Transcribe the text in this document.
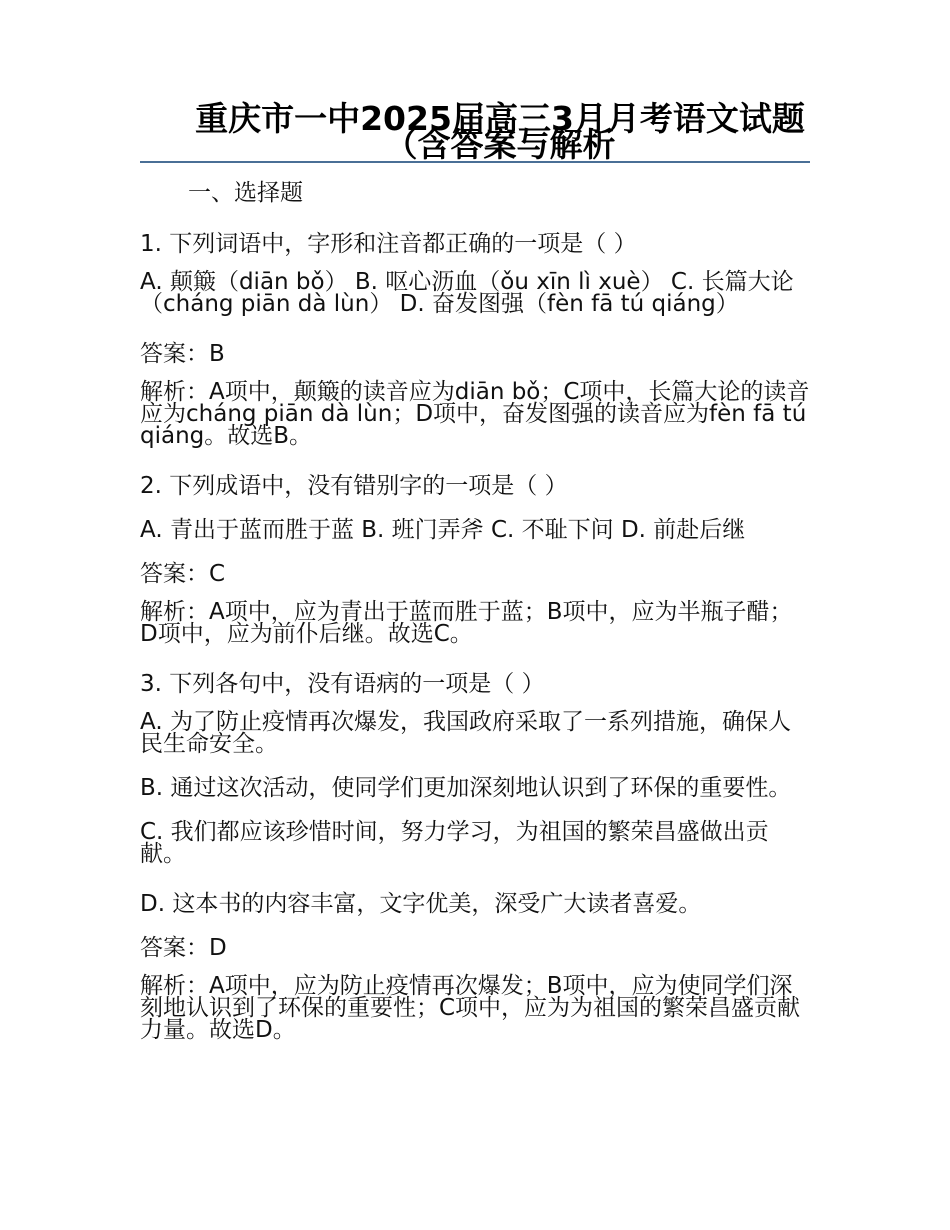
重庆市一中2025届高三3月月考语文试题（含答案与解析
一、选择题
1. 下列词语中，字形和注音都正确的一项是（ ）
A. 颠簸（diān bǒ） B. 呕心沥血（ǒu xīn lì xuè） C. 长篇大论（cháng piān dà lùn） D. 奋发图强（fèn fā tú qiáng）
答案：B
解析：A项中，颠簸的读音应为diān bǒ；C项中，长篇大论的读音应为cháng piān dà lùn；D项中，奋发图强的读音应为fèn fā tú qiáng。故选B。
2. 下列成语中，没有错别字的一项是（ ）
A. 青出于蓝而胜于蓝 B. 班门弄斧 C. 不耻下问 D. 前赴后继
答案：C
解析：A项中，应为青出于蓝而胜于蓝；B项中，应为半瓶子醋；D项中，应为前仆后继。故选C。
3. 下列各句中，没有语病的一项是（ ）
A. 为了防止疫情再次爆发，我国政府采取了一系列措施，确保人民生命安全。
B. 通过这次活动，使同学们更加深刻地认识到了环保的重要性。
C. 我们都应该珍惜时间，努力学习，为祖国的繁荣昌盛做出贡献。
D. 这本书的内容丰富，文字优美，深受广大读者喜爱。
答案：D
解析：A项中，应为防止疫情再次爆发；B项中，应为使同学们深刻地认识到了环保的重要性；C项中，应为为祖国的繁荣昌盛贡献力量。故选D。
